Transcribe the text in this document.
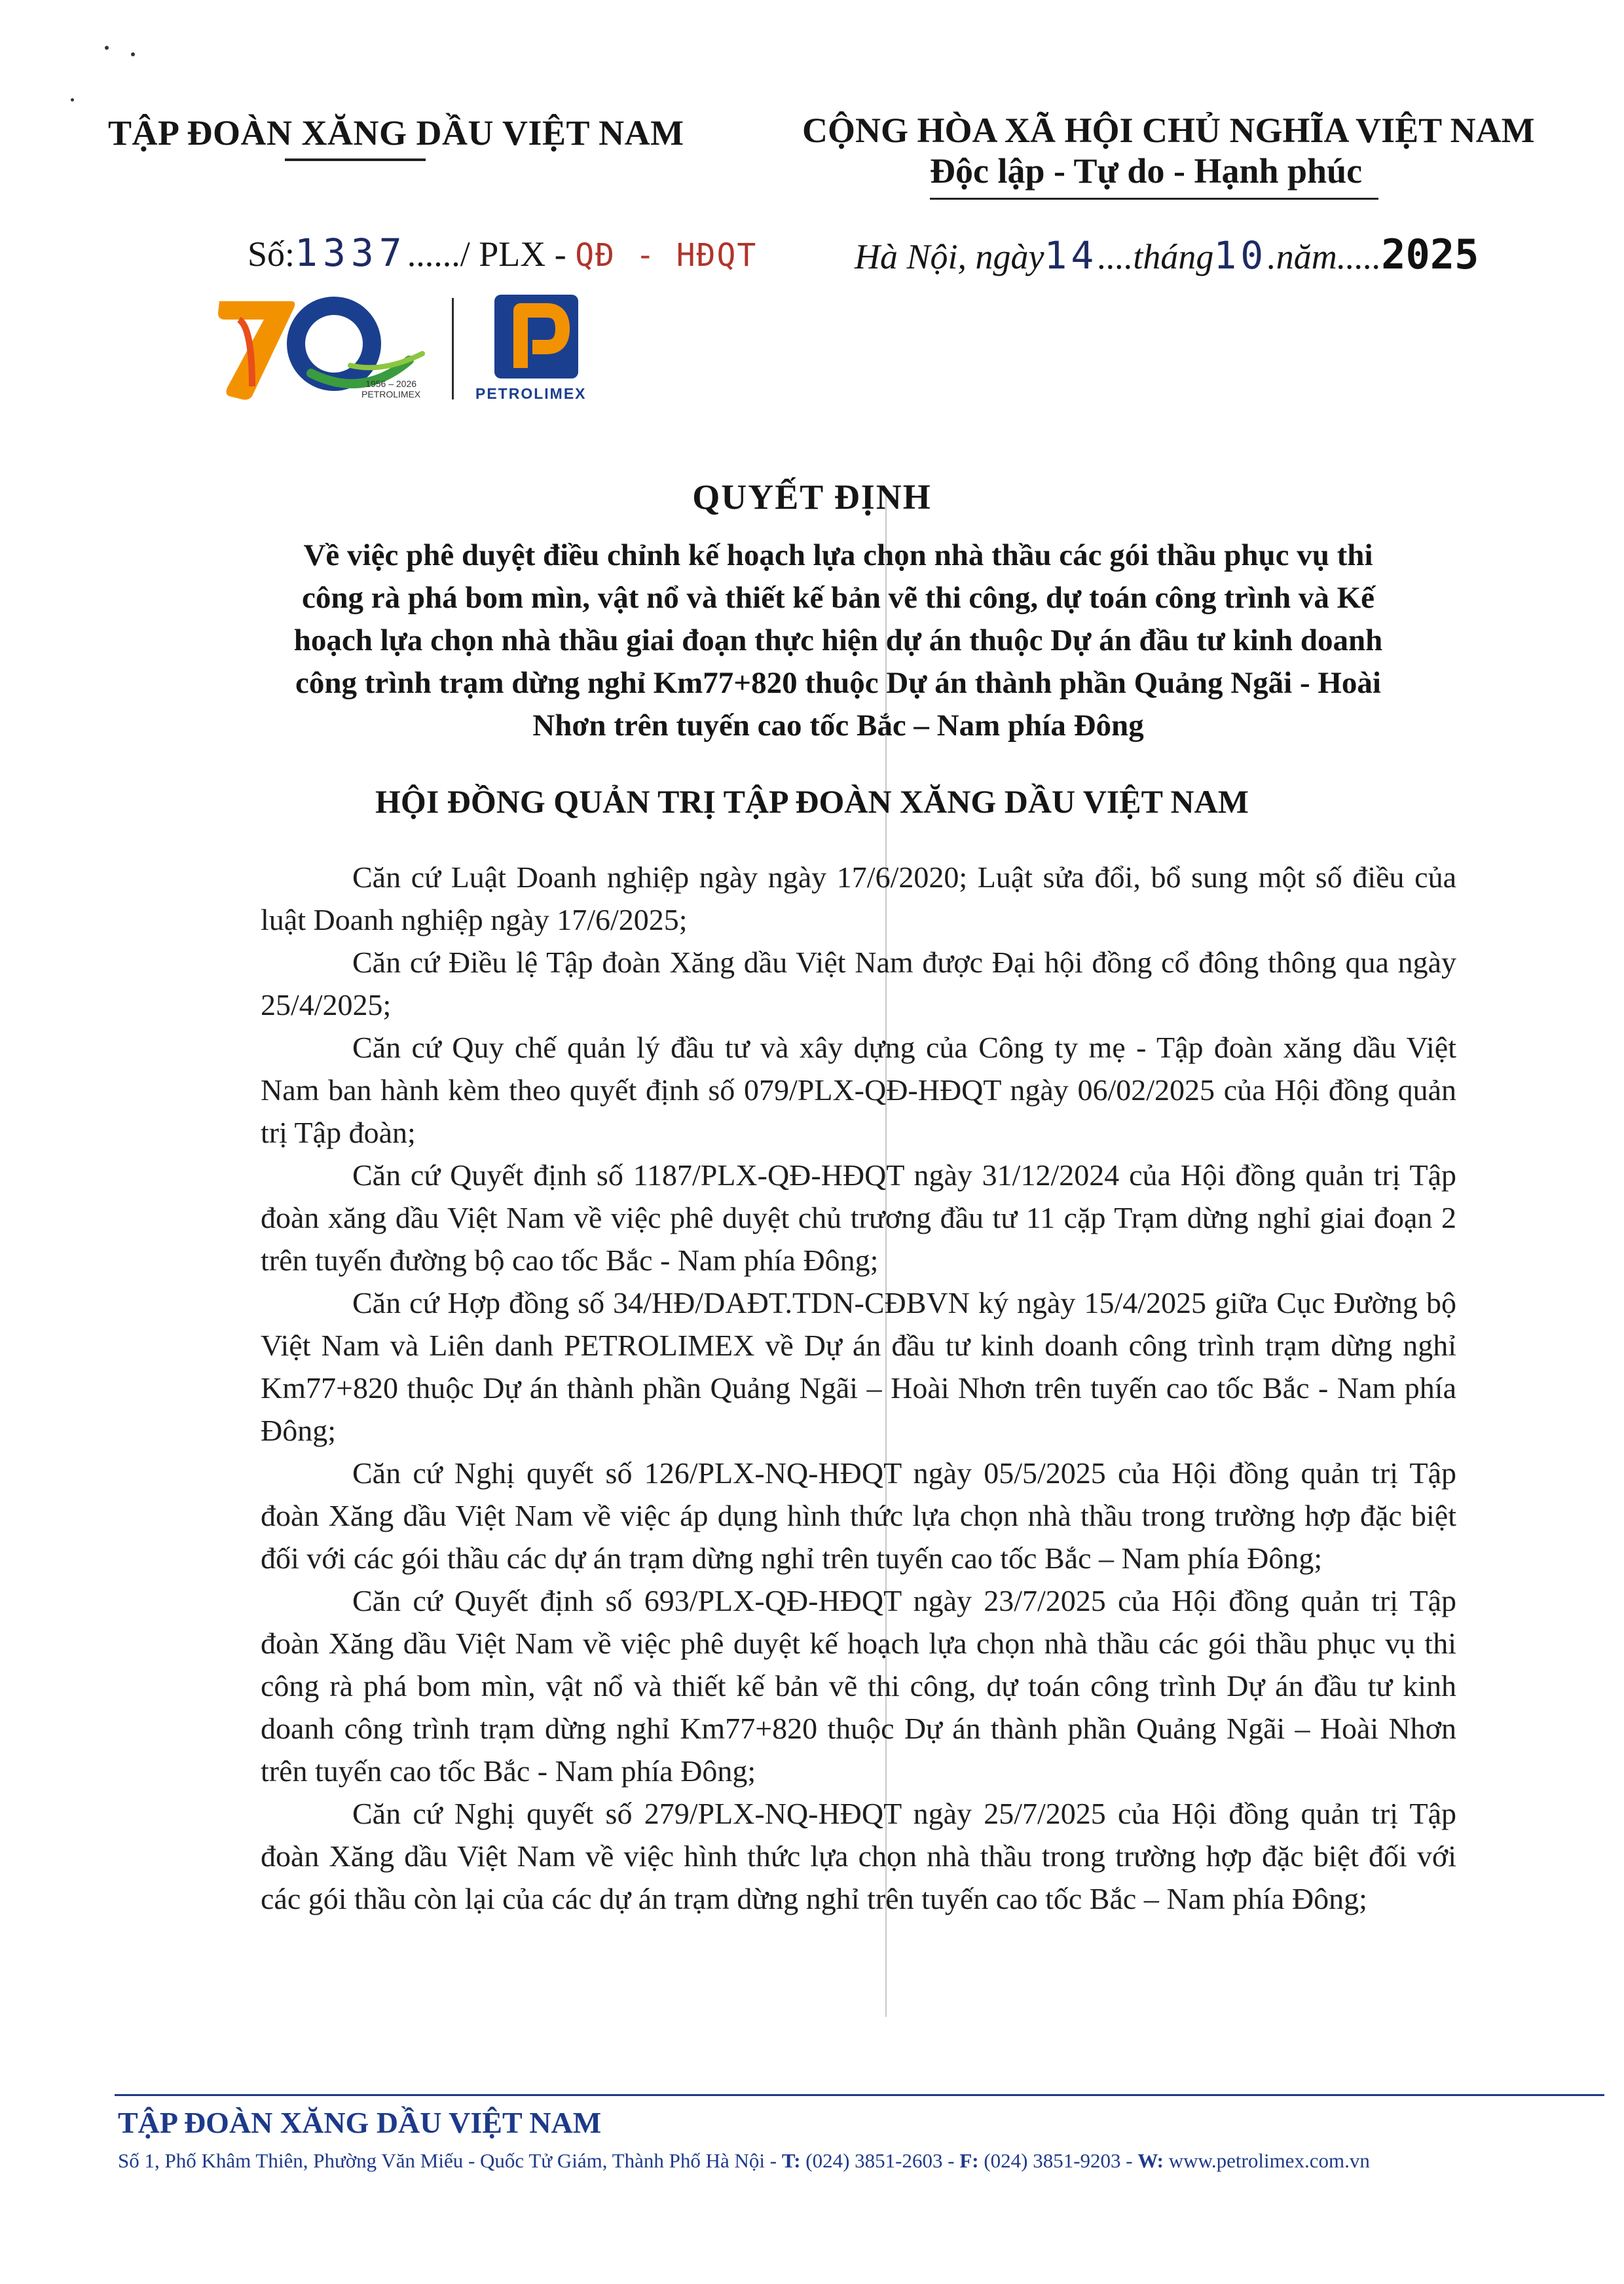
TẬP ĐOÀN XĂNG DẦU VIỆT NAM	CỘNG HÒA XÃ HỘI CHỦ NGHĨA VIỆT NAM
Độc lập - Tự do - Hạnh phúc
Số:1337....../ PLX - QĐ - HĐQT	Hà Nội, ngày14....tháng10.năm.....2025
1956 – 2026
PETROLIMEX	PETROLIMEX
QUYẾT ĐỊNH
Về việc phê duyệt điều chỉnh kế hoạch lựa chọn nhà thầu các gói thầu phục vụ thi
công rà phá bom mìn, vật nổ và thiết kế bản vẽ thi công, dự toán công trình và Kế
hoạch lựa chọn nhà thầu giai đoạn thực hiện dự án thuộc Dự án đầu tư kinh doanh
công trình trạm dừng nghỉ Km77+820 thuộc Dự án thành phần Quảng Ngãi - Hoài
Nhơn trên tuyến cao tốc Bắc – Nam phía Đông
HỘI ĐỒNG QUẢN TRỊ TẬP ĐOÀN XĂNG DẦU VIỆT NAM

Căn cứ Luật Doanh nghiệp ngày ngày 17/6/2020; Luật sửa đổi, bổ sung một số điều của luật Doanh nghiệp ngày 17/6/2025;

Căn cứ Điều lệ Tập đoàn Xăng dầu Việt Nam được Đại hội đồng cổ đông thông qua ngày 25/4/2025;

Căn cứ Quy chế quản lý đầu tư và xây dựng của Công ty mẹ - Tập đoàn xăng dầu Việt Nam ban hành kèm theo quyết định số 079/PLX-QĐ-HĐQT ngày 06/02/2025 của Hội đồng quản trị Tập đoàn;

Căn cứ Quyết định số 1187/PLX-QĐ-HĐQT ngày 31/12/2024 của Hội đồng quản trị Tập đoàn xăng dầu Việt Nam về việc phê duyệt chủ trương đầu tư 11 cặp Trạm dừng nghỉ giai đoạn 2 trên tuyến đường bộ cao tốc Bắc - Nam phía Đông;

Căn cứ Hợp đồng số 34/HĐ/DAĐT.TDN-CĐBVN ký ngày 15/4/2025 giữa Cục Đường bộ Việt Nam và Liên danh PETROLIMEX về Dự án đầu tư kinh doanh công trình trạm dừng nghỉ Km77+820 thuộc Dự án thành phần Quảng Ngãi – Hoài Nhơn trên tuyến cao tốc Bắc - Nam phía Đông;

Căn cứ Nghị quyết số 126/PLX-NQ-HĐQT ngày 05/5/2025 của Hội đồng quản trị Tập đoàn Xăng dầu Việt Nam về việc áp dụng hình thức lựa chọn nhà thầu trong trường hợp đặc biệt đối với các gói thầu các dự án trạm dừng nghỉ trên tuyến cao tốc Bắc – Nam phía Đông;

Căn cứ Quyết định số 693/PLX-QĐ-HĐQT ngày 23/7/2025 của Hội đồng quản trị Tập đoàn Xăng dầu Việt Nam về việc phê duyệt kế hoạch lựa chọn nhà thầu các gói thầu phục vụ thi công rà phá bom mìn, vật nổ và thiết kế bản vẽ thi công, dự toán công trình Dự án đầu tư kinh doanh công trình trạm dừng nghỉ Km77+820 thuộc Dự án thành phần Quảng Ngãi – Hoài Nhơn trên tuyến cao tốc Bắc - Nam phía Đông;

Căn cứ Nghị quyết số 279/PLX-NQ-HĐQT ngày 25/7/2025 của Hội đồng quản trị Tập đoàn Xăng dầu Việt Nam về việc hình thức lựa chọn nhà thầu trong trường hợp đặc biệt đối với các gói thầu còn lại của các dự án trạm dừng nghỉ trên tuyến cao tốc Bắc – Nam phía Đông;

TẬP ĐOÀN XĂNG DẦU VIỆT NAM
Số 1, Phố Khâm Thiên, Phường Văn Miếu - Quốc Tử Giám, Thành Phố Hà Nội - T: (024) 3851-2603 - F: (024) 3851-9203 - W: www.petrolimex.com.vn
